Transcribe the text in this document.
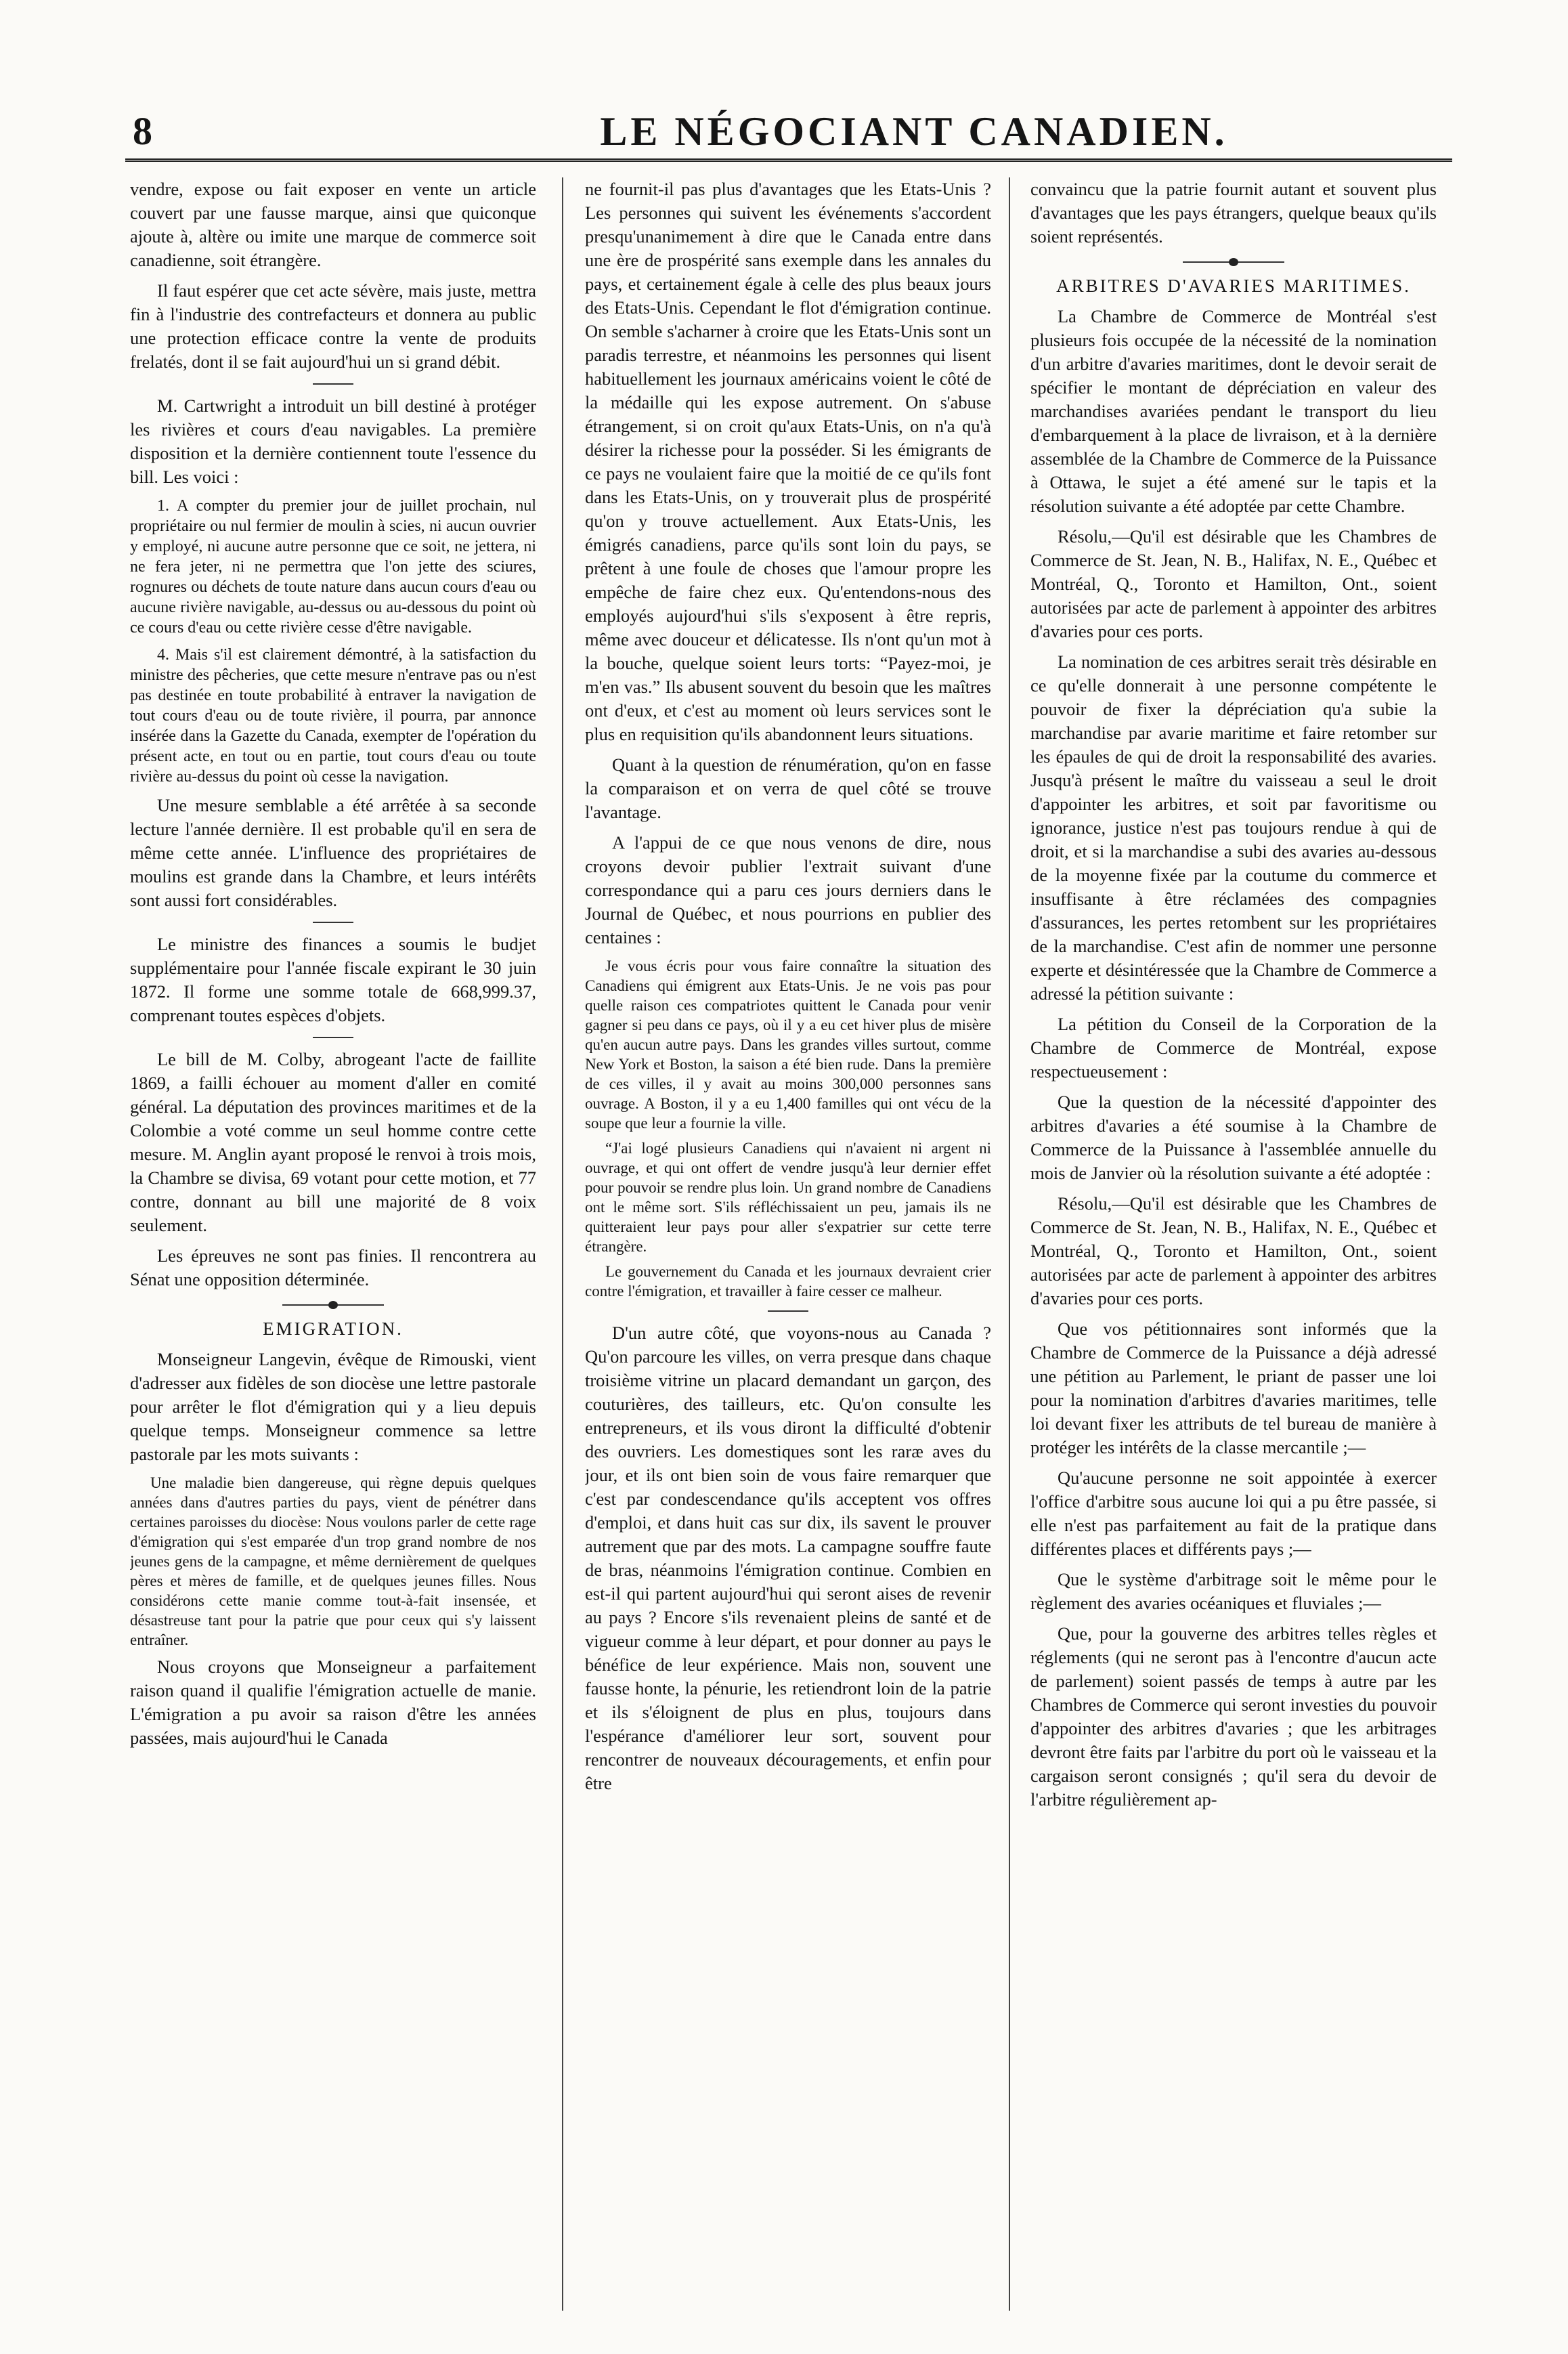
8	LE NÉGOCIANT CANADIEN.

vendre, expose ou fait exposer en vente un article couvert par une fausse marque, ainsi que quiconque ajoute à, altère ou imite une marque de commerce soit canadienne, soit étrangère.

Il faut espérer que cet acte sévère, mais juste, mettra fin à l'industrie des contrefacteurs et donnera au public une protection efficace contre la vente de produits frelatés, dont il se fait aujourd'hui un si grand débit.

M. Cartwright a introduit un bill destiné à protéger les rivières et cours d'eau navigables. La première disposition et la dernière contiennent toute l'essence du bill. Les voici :

1. A compter du premier jour de juillet prochain, nul propriétaire ou nul fermier de moulin à scies, ni aucun ouvrier y employé, ni aucune autre personne que ce soit, ne jettera, ni ne fera jeter, ni ne permettra que l'on jette des sciures, rognures ou déchets de toute nature dans aucun cours d'eau ou aucune rivière navigable, au-dessus ou au-dessous du point où ce cours d'eau ou cette rivière cesse d'être navigable.

4. Mais s'il est clairement démontré, à la satisfaction du ministre des pêcheries, que cette mesure n'entrave pas ou n'est pas destinée en toute probabilité à entraver la navigation de tout cours d'eau ou de toute rivière, il pourra, par annonce insérée dans la Gazette du Canada, exempter de l'opération du présent acte, en tout ou en partie, tout cours d'eau ou toute rivière au-dessus du point où cesse la navigation.

Une mesure semblable a été arrêtée à sa seconde lecture l'année dernière. Il est probable qu'il en sera de même cette année. L'influence des propriétaires de moulins est grande dans la Chambre, et leurs intérêts sont aussi fort considérables.

Le ministre des finances a soumis le budjet supplémentaire pour l'année fiscale expirant le 30 juin 1872. Il forme une somme totale de 668,999.37, comprenant toutes espèces d'objets.

Le bill de M. Colby, abrogeant l'acte de faillite 1869, a failli échouer au moment d'aller en comité général. La députation des provinces maritimes et de la Colombie a voté comme un seul homme contre cette mesure. M. Anglin ayant proposé le renvoi à trois mois, la Chambre se divisa, 69 votant pour cette motion, et 77 contre, donnant au bill une majorité de 8 voix seulement.

Les épreuves ne sont pas finies. Il rencontrera au Sénat une opposition déterminée.

EMIGRATION.

Monseigneur Langevin, évêque de Rimouski, vient d'adresser aux fidèles de son diocèse une lettre pastorale pour arrêter le flot d'émigration qui y a lieu depuis quelque temps. Monseigneur commence sa lettre pastorale par les mots suivants :

Une maladie bien dangereuse, qui règne depuis quelques années dans d'autres parties du pays, vient de pénétrer dans certaines paroisses du diocèse: Nous voulons parler de cette rage d'émigration qui s'est emparée d'un trop grand nombre de nos jeunes gens de la campagne, et même dernièrement de quelques pères et mères de famille, et de quelques jeunes filles. Nous considérons cette manie comme tout-à-fait insensée, et désastreuse tant pour la patrie que pour ceux qui s'y laissent entraîner.

Nous croyons que Monseigneur a parfaitement raison quand il qualifie l'émigration actuelle de manie. L'émigration a pu avoir sa raison d'être les années passées, mais aujourd'hui le Canada

ne fournit-il pas plus d'avantages que les Etats-Unis ? Les personnes qui suivent les événements s'accordent presqu'unanimement à dire que le Canada entre dans une ère de prospérité sans exemple dans les annales du pays, et certainement égale à celle des plus beaux jours des Etats-Unis. Cependant le flot d'émigration continue. On semble s'acharner à croire que les Etats-Unis sont un paradis terrestre, et néanmoins les personnes qui lisent habituellement les journaux américains voient le côté de la médaille qui les expose autrement. On s'abuse étrangement, si on croit qu'aux Etats-Unis, on n'a qu'à désirer la richesse pour la posséder. Si les émigrants de ce pays ne voulaient faire que la moitié de ce qu'ils font dans les Etats-Unis, on y trouverait plus de prospérité qu'on y trouve actuellement. Aux Etats-Unis, les émigrés canadiens, parce qu'ils sont loin du pays, se prêtent à une foule de choses que l'amour propre les empêche de faire chez eux. Qu'entendons-nous des employés aujourd'hui s'ils s'exposent à être repris, même avec douceur et délicatesse. Ils n'ont qu'un mot à la bouche, quelque soient leurs torts: “Payez-moi, je m'en vas.” Ils abusent souvent du besoin que les maîtres ont d'eux, et c'est au moment où leurs services sont le plus en requisition qu'ils abandonnent leurs situations.

Quant à la question de rénumération, qu'on en fasse la comparaison et on verra de quel côté se trouve l'avantage.

A l'appui de ce que nous venons de dire, nous croyons devoir publier l'extrait suivant d'une correspondance qui a paru ces jours derniers dans le Journal de Québec, et nous pourrions en publier des centaines :

Je vous écris pour vous faire connaître la situation des Canadiens qui émigrent aux Etats-Unis. Je ne vois pas pour quelle raison ces compatriotes quittent le Canada pour venir gagner si peu dans ce pays, où il y a eu cet hiver plus de misère qu'en aucun autre pays. Dans les grandes villes surtout, comme New York et Boston, la saison a été bien rude. Dans la première de ces villes, il y avait au moins 300,000 personnes sans ouvrage. A Boston, il y a eu 1,400 familles qui ont vécu de la soupe que leur a fournie la ville.

“J'ai logé plusieurs Canadiens qui n'avaient ni argent ni ouvrage, et qui ont offert de vendre jusqu'à leur dernier effet pour pouvoir se rendre plus loin. Un grand nombre de Canadiens ont le même sort. S'ils réfléchissaient un peu, jamais ils ne quitteraient leur pays pour aller s'expatrier sur cette terre étrangère.

Le gouvernement du Canada et les journaux devraient crier contre l'émigration, et travailler à faire cesser ce malheur.

D'un autre côté, que voyons-nous au Canada ? Qu'on parcoure les villes, on verra presque dans chaque troisième vitrine un placard demandant un garçon, des couturières, des tailleurs, etc. Qu'on consulte les entrepreneurs, et ils vous diront la difficulté d'obtenir des ouvriers. Les domestiques sont les raræ aves du jour, et ils ont bien soin de vous faire remarquer que c'est par condescendance qu'ils acceptent vos offres d'emploi, et dans huit cas sur dix, ils savent le prouver autrement que par des mots. La campagne souffre faute de bras, néanmoins l'émigration continue. Combien en est-il qui partent aujourd'hui qui seront aises de revenir au pays ? Encore s'ils revenaient pleins de santé et de vigueur comme à leur départ, et pour donner au pays le bénéfice de leur expérience. Mais non, souvent une fausse honte, la pénurie, les retiendront loin de la patrie et ils s'éloignent de plus en plus, toujours dans l'espérance d'améliorer leur sort, souvent pour rencontrer de nouveaux découragements, et enfin pour être

convaincu que la patrie fournit autant et souvent plus d'avantages que les pays étrangers, quelque beaux qu'ils soient représentés.

ARBITRES D'AVARIES MARITIMES.

La Chambre de Commerce de Montréal s'est plusieurs fois occupée de la nécessité de la nomination d'un arbitre d'avaries maritimes, dont le devoir serait de spécifier le montant de dépréciation en valeur des marchandises avariées pendant le transport du lieu d'embarquement à la place de livraison, et à la dernière assemblée de la Chambre de Commerce de la Puissance à Ottawa, le sujet a été amené sur le tapis et la résolution suivante a été adoptée par cette Chambre.

Résolu,—Qu'il est désirable que les Chambres de Commerce de St. Jean, N. B., Halifax, N. E., Québec et Montréal, Q., Toronto et Hamilton, Ont., soient autorisées par acte de parlement à appointer des arbitres d'avaries pour ces ports.

La nomination de ces arbitres serait très désirable en ce qu'elle donnerait à une personne compétente le pouvoir de fixer la dépréciation qu'a subie la marchandise par avarie maritime et faire retomber sur les épaules de qui de droit la responsabilité des avaries. Jusqu'à présent le maître du vaisseau a seul le droit d'appointer les arbitres, et soit par favoritisme ou ignorance, justice n'est pas toujours rendue à qui de droit, et si la marchandise a subi des avaries au-dessous de la moyenne fixée par la coutume du commerce et insuffisante à être réclamées des compagnies d'assurances, les pertes retombent sur les propriétaires de la marchandise. C'est afin de nommer une personne experte et désintéressée que la Chambre de Commerce a adressé la pétition suivante :

La pétition du Conseil de la Corporation de la Chambre de Commerce de Montréal, expose respectueusement :

Que la question de la nécessité d'appointer des arbitres d'avaries a été soumise à la Chambre de Commerce de la Puissance à l'assemblée annuelle du mois de Janvier où la résolution suivante a été adoptée :

Résolu,—Qu'il est désirable que les Chambres de Commerce de St. Jean, N. B., Halifax, N. E., Québec et Montréal, Q., Toronto et Hamilton, Ont., soient autorisées par acte de parlement à appointer des arbitres d'avaries pour ces ports.

Que vos pétitionnaires sont informés que la Chambre de Commerce de la Puissance a déjà adressé une pétition au Parlement, le priant de passer une loi pour la nomination d'arbitres d'avaries maritimes, telle loi devant fixer les attributs de tel bureau de manière à protéger les intérêts de la classe mercantile ;—

Qu'aucune personne ne soit appointée à exercer l'office d'arbitre sous aucune loi qui a pu être passée, si elle n'est pas parfaitement au fait de la pratique dans différentes places et différents pays ;—

Que le système d'arbitrage soit le même pour le règlement des avaries océaniques et fluviales ;—

Que, pour la gouverne des arbitres telles règles et réglements (qui ne seront pas à l'encontre d'aucun acte de parlement) soient passés de temps à autre par les Chambres de Commerce qui seront investies du pouvoir d'appointer des arbitres d'avaries ; que les arbitrages devront être faits par l'arbitre du port où le vaisseau et la cargaison seront consignés ; qu'il sera du devoir de l'arbitre régulièrement ap-
